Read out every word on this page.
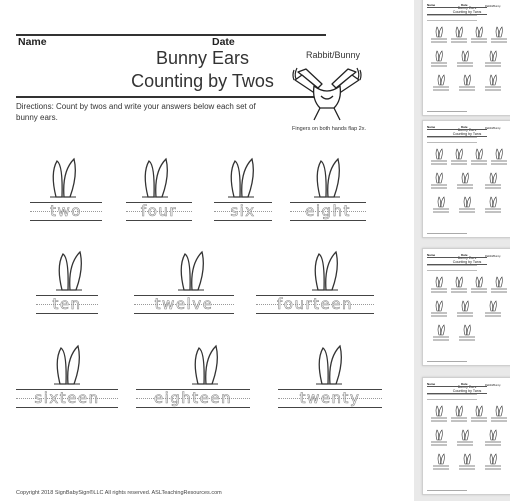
Name	Date
Bunny Ears
Counting by Twos
Rabbit/Bunny
Fingers on both hands flap 2x.
Directions: Count by twos and write your answers below each set of bunny ears.
two	four	six	eight
ten	twelve	fourteen
sixteen	eighteen	twenty
Copyright 2018 SignBabySign®LLC All rights reserved. ASLTeachingResources.com
Name	Date
Bunny Ears
Counting by Twos
Rabbit/Bunny
Name	Date
Bunny Ears
Counting by Twos
Rabbit/Bunny
Name	Date
Bunny Ears
Counting by Twos
Rabbit/Bunny
Name	Date
Bunny Ears
Counting by Twos
Rabbit/Bunny
